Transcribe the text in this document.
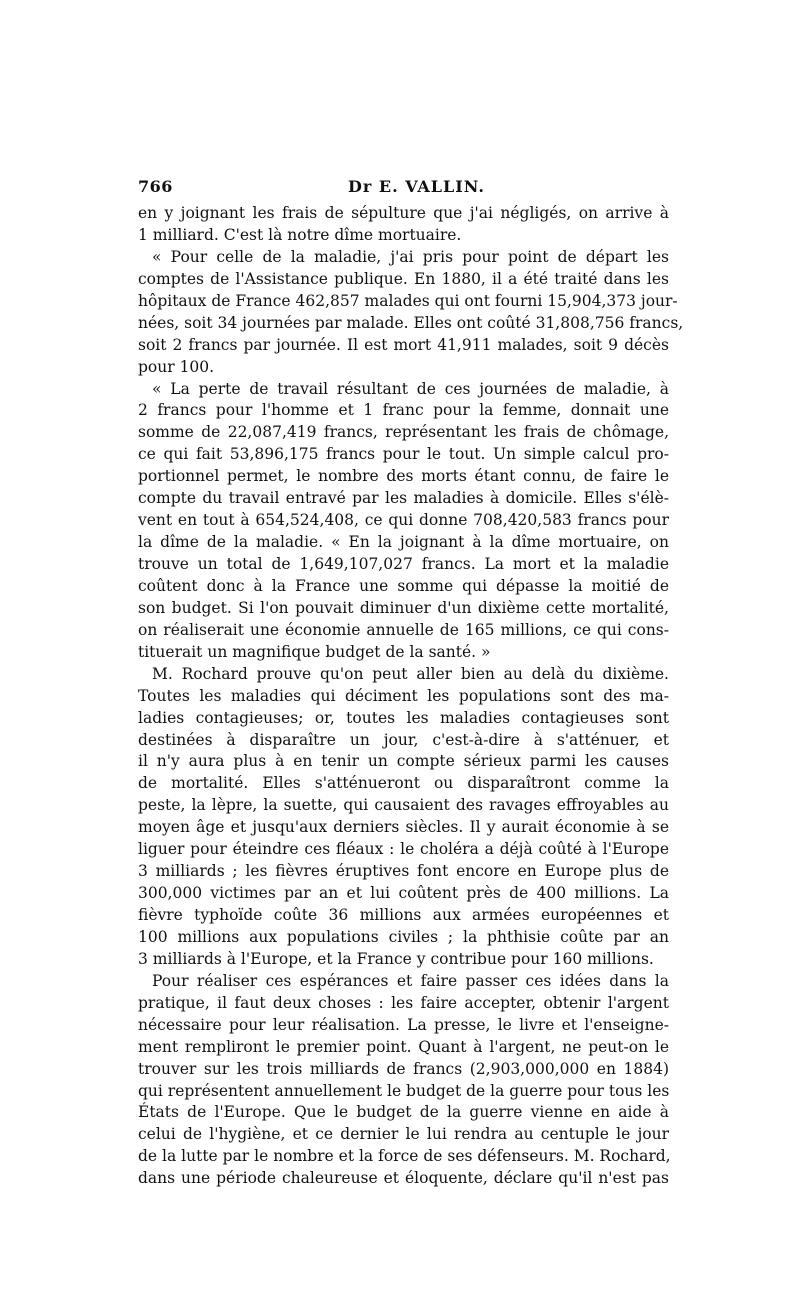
766	Dr E. VALLIN.
en y joignant les frais de sépulture que j'ai négligés, on arrive à
1 milliard. C'est là notre dîme mortuaire.
« Pour celle de la maladie, j'ai pris pour point de départ les
comptes de l'Assistance publique. En 1880, il a été traité dans les
hôpitaux de France 462,857 malades qui ont fourni 15,904,373 jour-
nées, soit 34 journées par malade. Elles ont coûté 31,808,756 francs,
soit 2 francs par journée. Il est mort 41,911 malades, soit 9 décès
pour 100.
« La perte de travail résultant de ces journées de maladie, à
2 francs pour l'homme et 1 franc pour la femme, donnait une
somme de 22,087,419 francs, représentant les frais de chômage,
ce qui fait 53,896,175 francs pour le tout. Un simple calcul pro-
portionnel permet, le nombre des morts étant connu, de faire le
compte du travail entravé par les maladies à domicile. Elles s'élè-
vent en tout à 654,524,408, ce qui donne 708,420,583 francs pour
la dîme de la maladie. « En la joignant à la dîme mortuaire, on
trouve un total de 1,649,107,027 francs. La mort et la maladie
coûtent donc à la France une somme qui dépasse la moitié de
son budget. Si l'on pouvait diminuer d'un dixième cette mortalité,
on réaliserait une économie annuelle de 165 millions, ce qui cons-
tituerait un magnifique budget de la santé. »
M. Rochard prouve qu'on peut aller bien au delà du dixième.
Toutes les maladies qui déciment les populations sont des ma-
ladies contagieuses; or, toutes les maladies contagieuses sont
destinées à disparaître un jour, c'est-à-dire à s'atténuer, et
il n'y aura plus à en tenir un compte sérieux parmi les causes
de mortalité. Elles s'atténueront ou disparaîtront comme la
peste, la lèpre, la suette, qui causaient des ravages effroyables au
moyen âge et jusqu'aux derniers siècles. Il y aurait économie à se
liguer pour éteindre ces fléaux : le choléra a déjà coûté à l'Europe
3 milliards ; les fièvres éruptives font encore en Europe plus de
300,000 victimes par an et lui coûtent près de 400 millions. La
fièvre typhoïde coûte 36 millions aux armées européennes et
100 millions aux populations civiles ; la phthisie coûte par an
3 milliards à l'Europe, et la France y contribue pour 160 millions.
Pour réaliser ces espérances et faire passer ces idées dans la
pratique, il faut deux choses : les faire accepter, obtenir l'argent
nécessaire pour leur réalisation. La presse, le livre et l'enseigne-
ment rempliront le premier point. Quant à l'argent, ne peut-on le
trouver sur les trois milliards de francs (2,903,000,000 en 1884)
qui représentent annuellement le budget de la guerre pour tous les
États de l'Europe. Que le budget de la guerre vienne en aide à
celui de l'hygiène, et ce dernier le lui rendra au centuple le jour
de la lutte par le nombre et la force de ses défenseurs. M. Rochard,
dans une période chaleureuse et éloquente, déclare qu'il n'est pas
